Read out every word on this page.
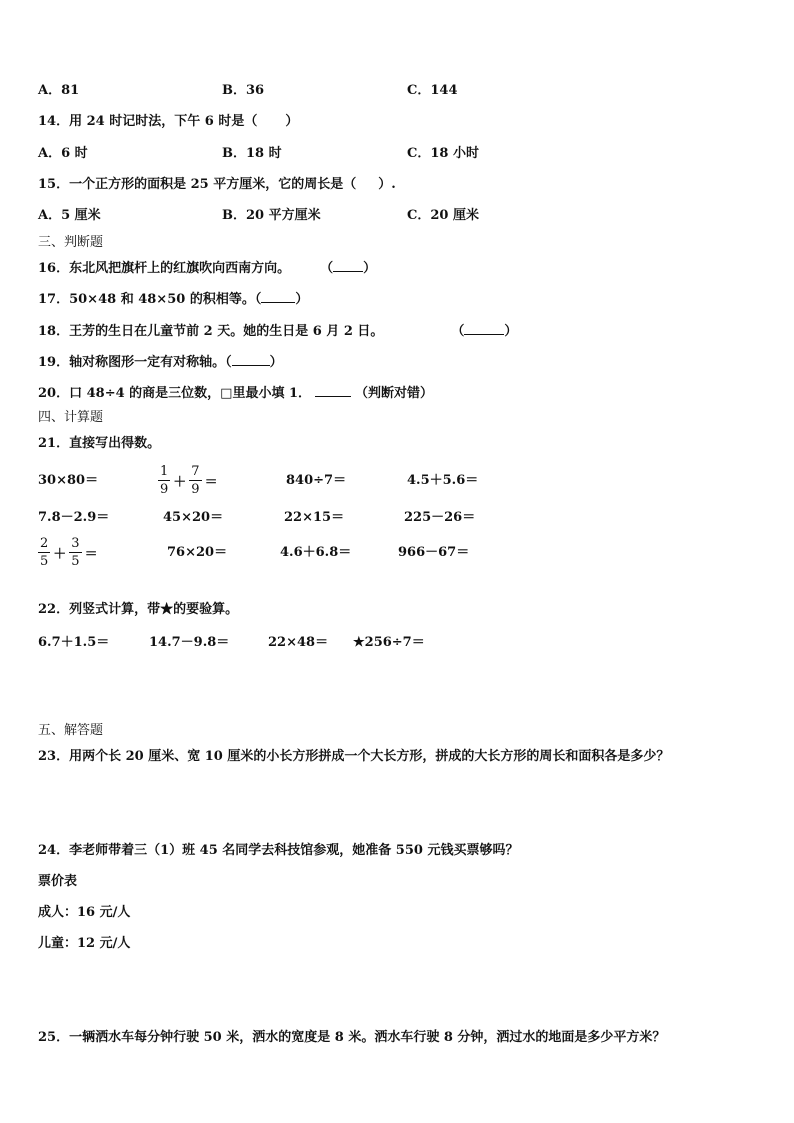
A．81	B．36	C．144
14．用 24 时记时法，下午 6 时是（ ）
A．6 时	B．18 时	C．18 小时
15．一个正方形的面积是 25 平方厘米，它的周长是（ ）.
A．5 厘米	B．20 平方厘米	C．20 厘米
三、判断题
16．东北风把旗杆上的红旗吹向西南方向。 （ ）
17．50×48 和 48×50 的积相等。（	）
18．王芳的生日在儿童节前 2 天。她的生日是 6 月 2 日。	（	）
19．轴对称图形一定有对称轴。（	）
20．口 48÷4 的商是三位数，□里最小填 1．	（判断对错）
四、计算题
21．直接写出得数。
30×80＝	$\frac{1}{9} + \frac{7}{9}$ ＝	840÷7＝	4.5＋5.6＝
7.8－2.9＝	45×20＝	22×15＝	225－26＝
$\frac{2}{5} + \frac{3}{5}$ ＝	76×20＝	4.6＋6.8＝	966－67＝
22．列竖式计算，带★的要验算。
6.7＋1.5＝	14.7－9.8＝	22×48＝ ★256÷7＝
五、解答题
23．用两个长 20 厘米、宽 10 厘米的小长方形拼成一个大长方形，拼成的大长方形的周长和面积各是多少？
24．李老师带着三（1）班 45 名同学去科技馆参观，她准备 550 元钱买票够吗？
票价表
成人：16 元/人
儿童：12 元/人
25．一辆洒水车每分钟行驶 50 米，洒水的宽度是 8 米。洒水车行驶 8 分钟，洒过水的地面是多少平方米？
